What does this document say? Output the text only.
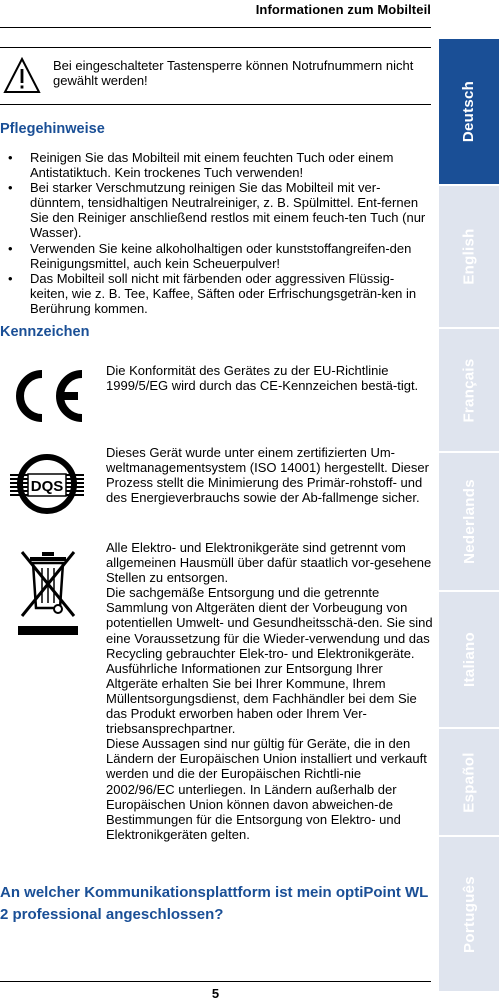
Informationen zum Mobilteil
Deutsch
English
Français
Nederlands
Italiano
Español
Português
Bei eingeschalteter Tastensperre können Notrufnummern nicht gewählt werden!
Pflegehinweise
•	Reinigen Sie das Mobilteil mit einem feuchten Tuch oder einem Antistatiktuch. Kein trockenes Tuch verwenden!
•	Bei starker Verschmutzung reinigen Sie das Mobilteil mit ver-dünntem, tensidhaltigen Neutralreiniger, z. B. Spülmittel. Ent-fernen Sie den Reiniger anschließend restlos mit einem feuch-ten Tuch (nur Wasser).
•	Verwenden Sie keine alkoholhaltigen oder kunststoffangreifen-den Reinigungsmittel, auch kein Scheuerpulver!
•	Das Mobilteil soll nicht mit färbenden oder aggressiven Flüssig-keiten, wie z. B. Tee, Kaffee, Säften oder Erfrischungsgeträn-ken in Berührung kommen.
Kennzeichen
Die Konformität des Gerätes zu der EU-Richtlinie 1999/5/EG wird durch das CE-Kennzeichen bestä-tigt.
DQS
Dieses Gerät wurde unter einem zertifizierten Um-weltmanagementsystem (ISO 14001) hergestellt. Dieser Prozess stellt die Minimierung des Primär-rohstoff- und des Energieverbrauchs sowie der Ab-fallmenge sicher.
Alle Elektro- und Elektronikgeräte sind getrennt vom allgemeinen Hausmüll über dafür staatlich vor-gesehene Stellen zu entsorgen.
Die sachgemäße Entsorgung und die getrennte Sammlung von Altgeräten dient der Vorbeugung von potentiellen Umwelt- und Gesundheitsschä-den. Sie sind eine Voraussetzung für die Wieder-verwendung und das Recycling gebrauchter Elek-tro- und Elektronikgeräte.
Ausführliche Informationen zur Entsorgung Ihrer Altgeräte erhalten Sie bei Ihrer Kommune, Ihrem Müllentsorgungsdienst, dem Fachhändler bei dem Sie das Produkt erworben haben oder Ihrem Ver-triebsansprechpartner.
Diese Aussagen sind nur gültig für Geräte, die in den Ländern der Europäischen Union installiert und verkauft werden und die der Europäischen Richtli-nie 2002/96/EC unterliegen. In Ländern außerhalb der Europäischen Union können davon abweichen-de Bestimmungen für die Entsorgung von Elektro- und Elektronikgeräten gelten.
An welcher Kommunikationsplattform ist mein optiPoint WL 2 professional angeschlossen?
5
